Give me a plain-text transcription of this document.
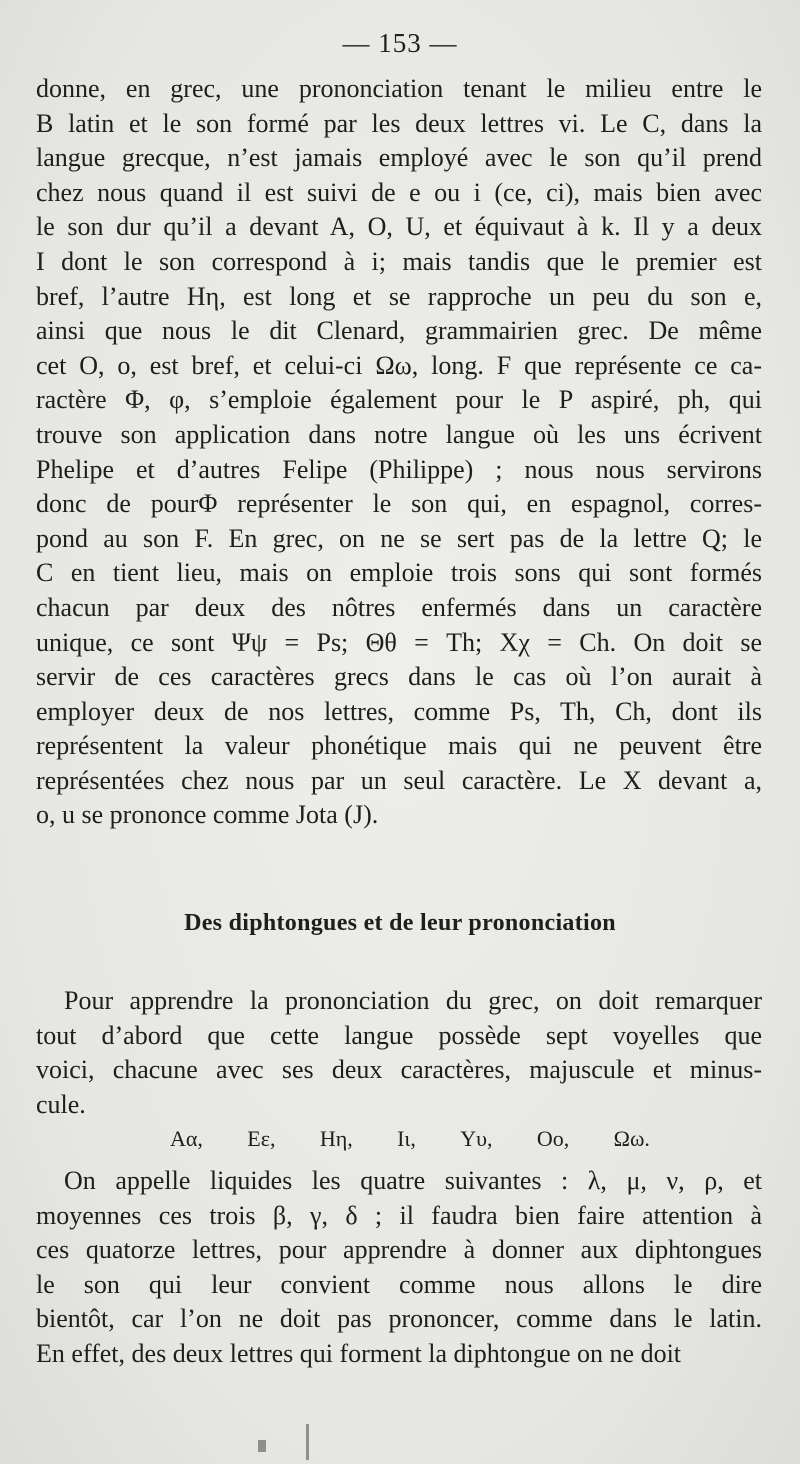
— 153 —
donne, en grec, une prononciation tenant le milieu entre le
B latin et le son formé par les deux lettres vi. Le C, dans la
langue grecque, n’est jamais employé avec le son qu’il prend
chez nous quand il est suivi de e ou i (ce, ci), mais bien avec
le son dur qu’il a devant A, O, U, et équivaut à k. Il y a deux
I dont le son correspond à i; mais tandis que le premier est
bref, l’autre Hη, est long et se rapproche un peu du son e,
ainsi que nous le dit Clenard, grammairien grec. De même
cet O, o, est bref, et celui-ci Ωω, long. F que représente ce ca-
ractère Φ, φ, s’emploie également pour le P aspiré, ph, qui
trouve son application dans notre langue où les uns écrivent
Phelipe et d’autres Felipe (Philippe) ; nous nous servirons
donc de pourΦ représenter le son qui, en espagnol, corres-
pond au son F. En grec, on ne se sert pas de la lettre Q; le
C en tient lieu, mais on emploie trois sons qui sont formés
chacun par deux des nôtres enfermés dans un caractère
unique, ce sont Ψψ = Ps; Θθ = Th; Χχ = Ch. On doit se
servir de ces caractères grecs dans le cas où l’on aurait à
employer deux de nos lettres, comme Ps, Th, Ch, dont ils
représentent la valeur phonétique mais qui ne peuvent être
représentées chez nous par un seul caractère. Le X devant a,
o, u se prononce comme Jota (J).
Des diphtongues et de leur prononciation
Pour apprendre la prononciation du grec, on doit remarquer
tout d’abord que cette langue possède sept voyelles que
voici, chacune avec ses deux caractères, majuscule et minus-
cule.
Αα, Εε, Ηη, Ιι, Υυ, Οο, Ωω.
On appelle liquides les quatre suivantes : λ, μ, ν, ρ, et
moyennes ces trois β, γ, δ ; il faudra bien faire attention à
ces quatorze lettres, pour apprendre à donner aux diphtongues
le son qui leur convient comme nous allons le dire
bientôt, car l’on ne doit pas prononcer, comme dans le latin.
En effet, des deux lettres qui forment la diphtongue on ne doit
